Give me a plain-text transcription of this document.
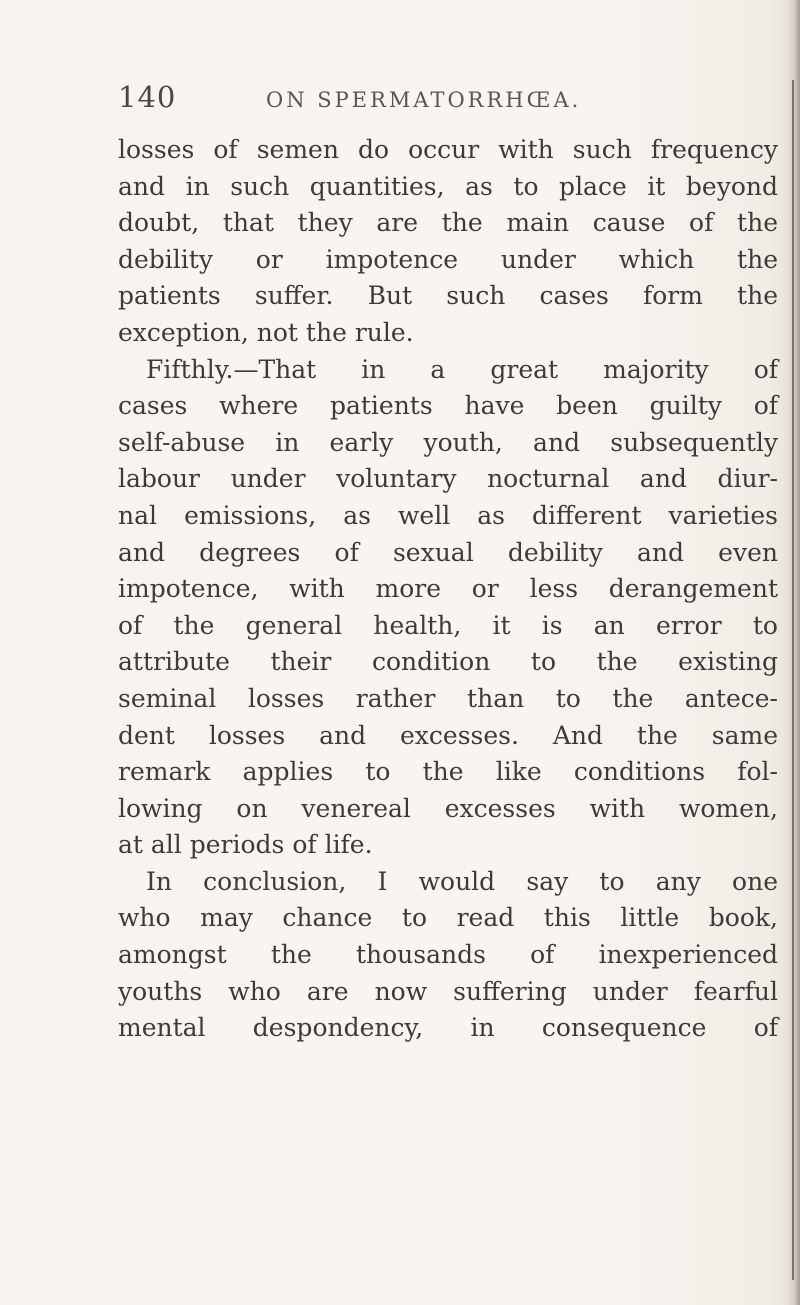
140	ON SPERMATORRHŒA.
losses of semen do occur with such frequency
and in such quantities, as to place it beyond
doubt, that they are the main cause of the
debility or impotence under which the
patients suffer. But such cases form the
exception, not the rule.
Fifthly.—That in a great majority of
cases where patients have been guilty of
self-abuse in early youth, and subsequently
labour under voluntary nocturnal and diur-
nal emissions, as well as different varieties
and degrees of sexual debility and even
impotence, with more or less derangement
of the general health, it is an error to
attribute their condition to the existing
seminal losses rather than to the antece-
dent losses and excesses. And the same
remark applies to the like conditions fol-
lowing on venereal excesses with women,
at all periods of life.
In conclusion, I would say to any one
who may chance to read this little book,
amongst the thousands of inexperienced
youths who are now suffering under fearful
mental despondency, in consequence of
